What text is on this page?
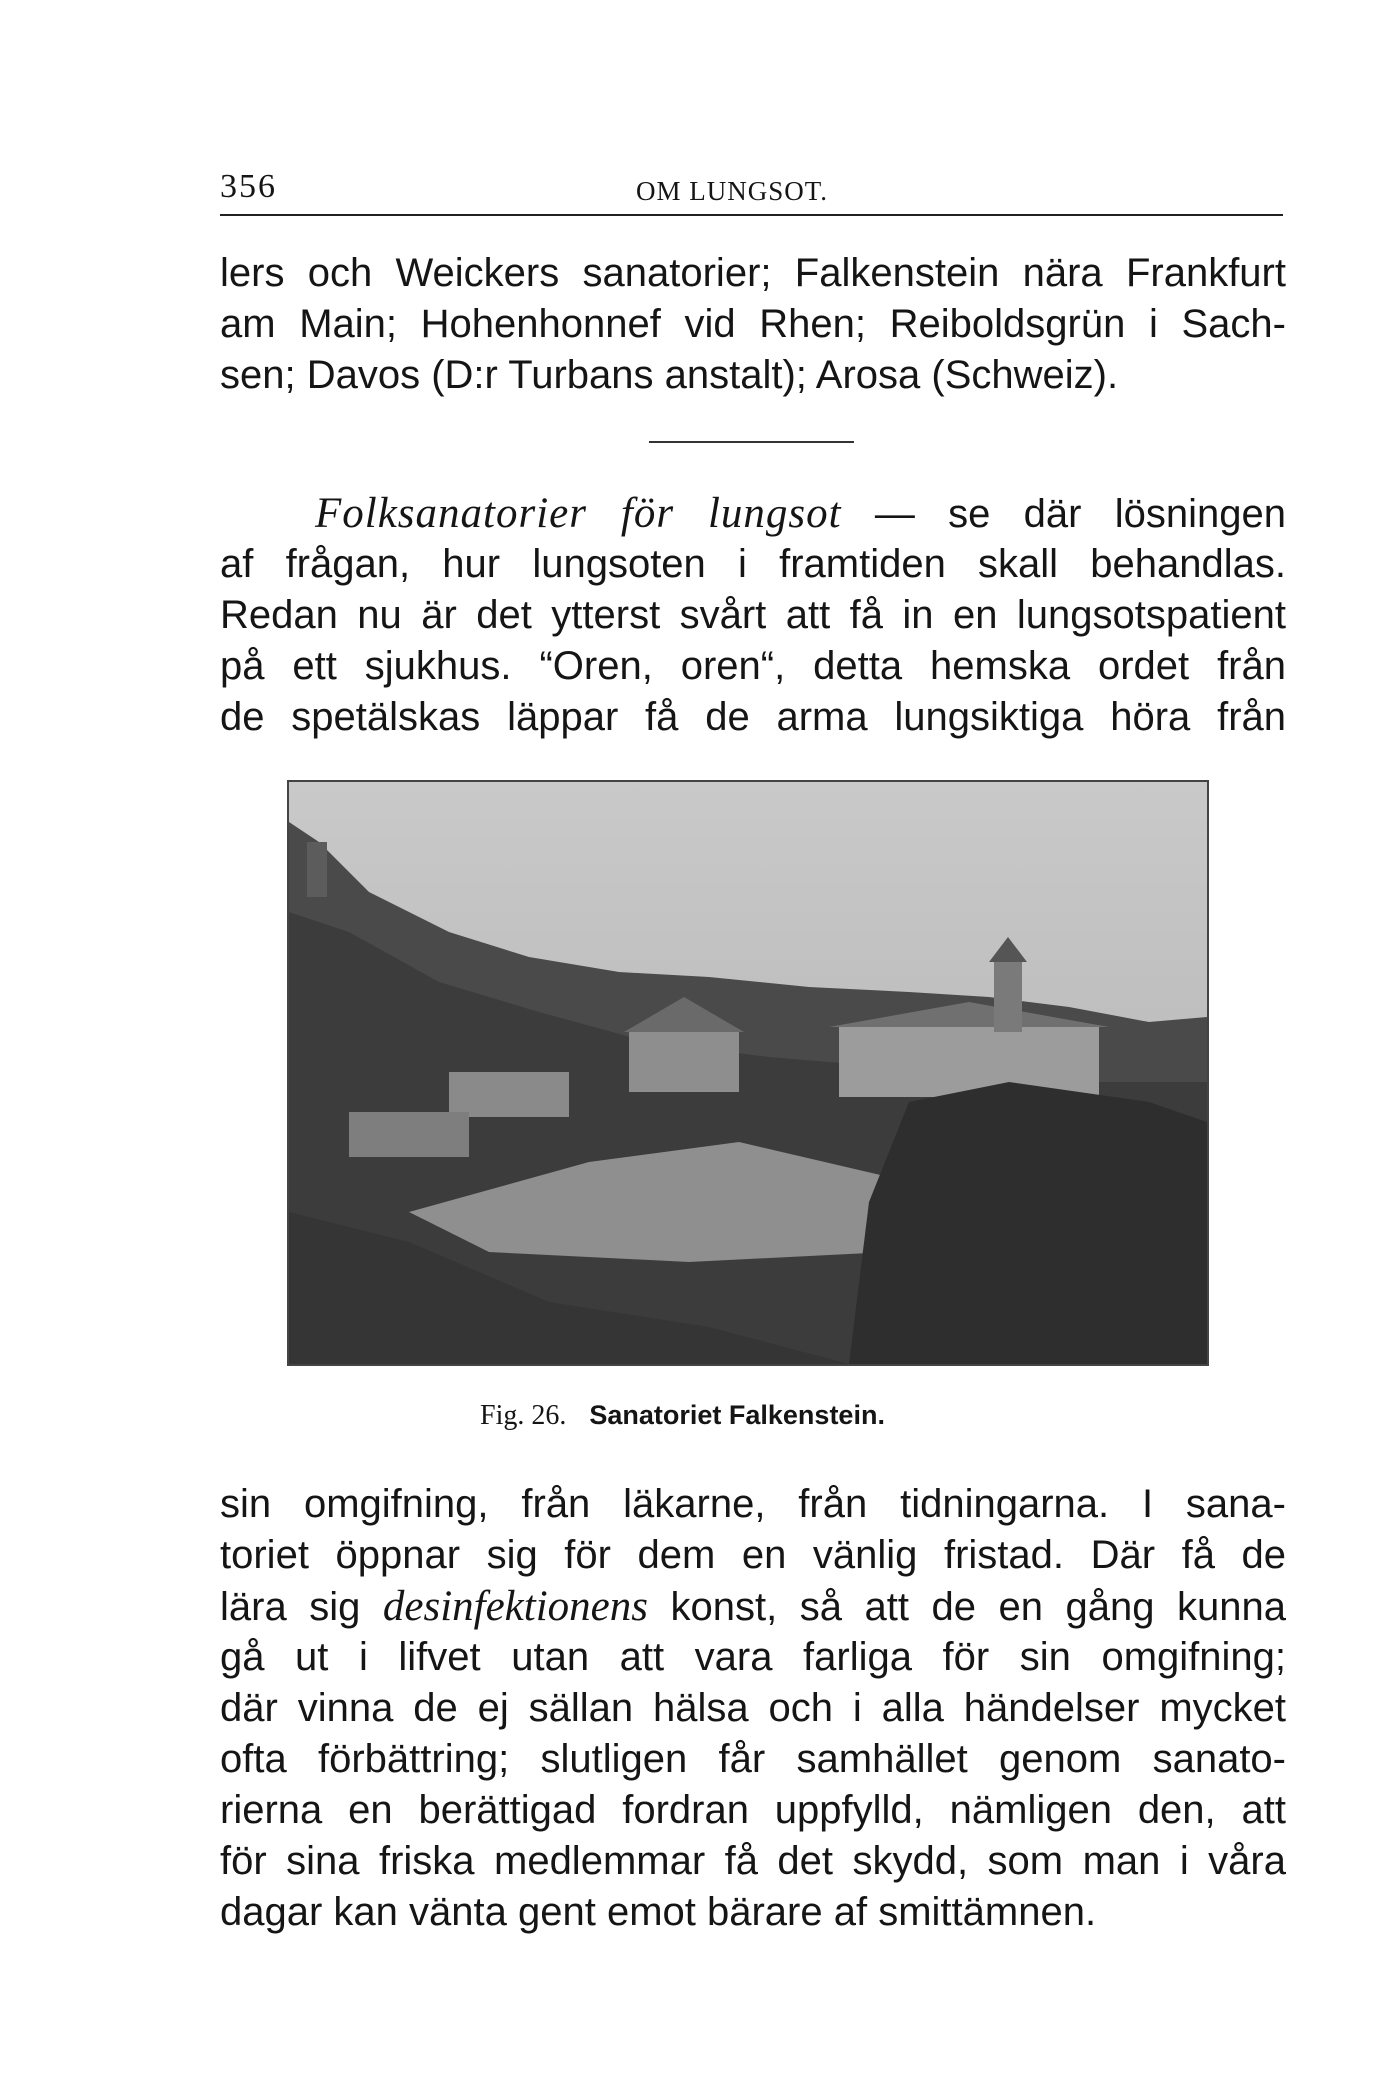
356	OM LUNGSOT.
lers och Weickers sanatorier; Falkenstein nära Frankfurt
am Main; Hohenhonnef vid Rhen; Reiboldsgrün i Sach-
sen; Davos (D:r Turbans anstalt); Arosa (Schweiz).
Folksanatorier för lungsot — se där lösningen
af frågan, hur lungsoten i framtiden skall behandlas.
Redan nu är det ytterst svårt att få in en lungsotspatient
på ett sjukhus. “Oren, oren“, detta hemska ordet från
de spetälskas läppar få de arma lungsiktiga höra från
Fig. 26. Sanatoriet Falkenstein.
sin omgifning, från läkarne, från tidningarna. I sana-
toriet öppnar sig för dem en vänlig fristad. Där få de
lära sig desinfektionens konst, så att de en gång kunna
gå ut i lifvet utan att vara farliga för sin omgifning;
där vinna de ej sällan hälsa och i alla händelser mycket
ofta förbättring; slutligen får samhället genom sanato-
rierna en berättigad fordran uppfylld, nämligen den, att
för sina friska medlemmar få det skydd, som man i våra
dagar kan vänta gent emot bärare af smittämnen.
